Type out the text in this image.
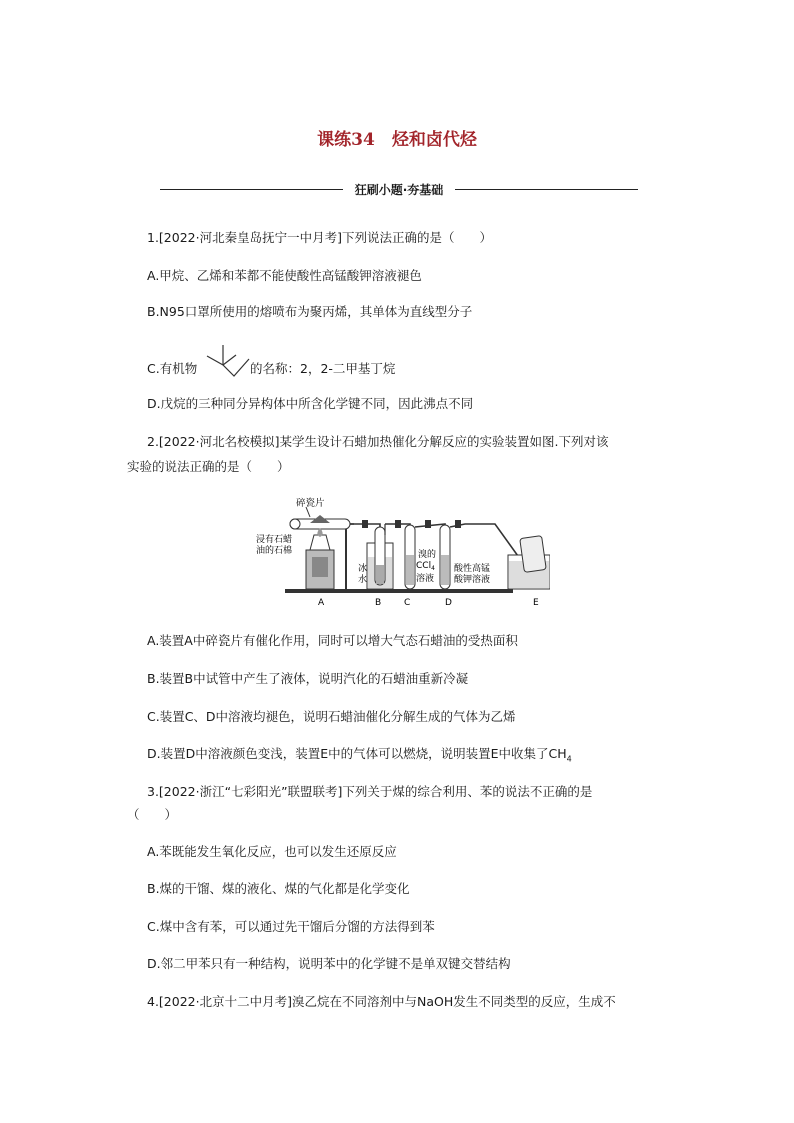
课练34　烃和卤代烃
狂刷小题·夯基础
1.[2022·河北秦皇岛抚宁一中月考]下列说法正确的是（　　）
A.甲烷、乙烯和苯都不能使酸性高锰酸钾溶液褪色
B.N95口罩所使用的熔喷布为聚丙烯，其单体为直线型分子
C.有机物	的名称：2，2-二甲基丁烷
D.戊烷的三种同分异构体中所含化学键不同，因此沸点不同
2.[2022·河北名校模拟]某学生设计石蜡加热催化分解反应的实验装置如图.下列对该
实验的说法正确的是（　　）
碎瓷片
浸有石蜡
油的石棉
冰
水
溴的
CCl$_4$
溶液
酸性高锰
酸钾溶液
A	B	C	D	E
A.装置A中碎瓷片有催化作用，同时可以增大气态石蜡油的受热面积
B.装置B中试管中产生了液体，说明汽化的石蜡油重新冷凝
C.装置C、D中溶液均褪色，说明石蜡油催化分解生成的气体为乙烯
D.装置D中溶液颜色变浅，装置E中的气体可以燃烧，说明装置E中收集了$CH_4$
3.[2022·浙江“七彩阳光”联盟联考]下列关于煤的综合利用、苯的说法不正确的是
（　　）
A.苯既能发生氧化反应，也可以发生还原反应
B.煤的干馏、煤的液化、煤的气化都是化学变化
C.煤中含有苯，可以通过先干馏后分馏的方法得到苯
D.邻二甲苯只有一种结构，说明苯中的化学键不是单双键交替结构
4.[2022·北京十二中月考]溴乙烷在不同溶剂中与NaOH发生不同类型的反应，生成不
